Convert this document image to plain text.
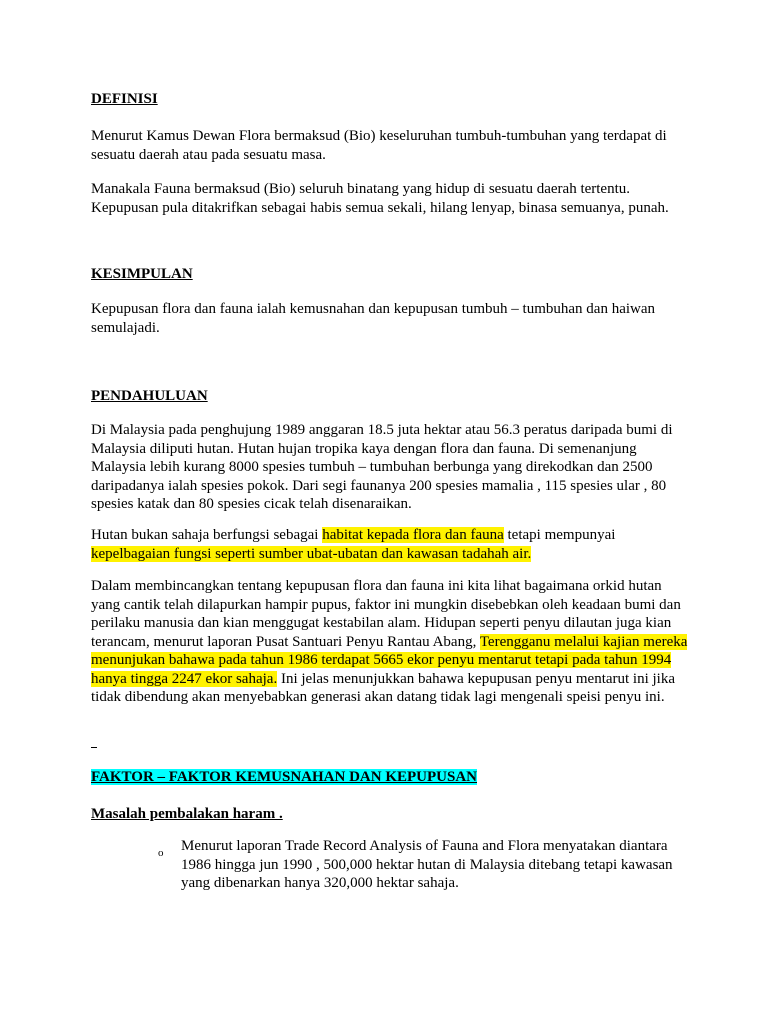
DEFINISI

Menurut Kamus Dewan Flora bermaksud (Bio) keseluruhan tumbuh-tumbuhan yang terdapat di sesuatu daerah atau pada sesuatu masa.

Manakala Fauna bermaksud (Bio) seluruh binatang yang hidup di sesuatu daerah tertentu. Kepupusan pula ditakrifkan sebagai habis semua sekali, hilang lenyap, binasa semuanya, punah.

KESIMPULAN

Kepupusan flora dan fauna ialah kemusnahan dan kepupusan tumbuh – tumbuhan dan haiwan semulajadi.

PENDAHULUAN

Di Malaysia pada penghujung 1989 anggaran 18.5 juta hektar atau 56.3 peratus daripada bumi di Malaysia diliputi hutan. Hutan hujan tropika kaya dengan flora dan fauna. Di semenanjung Malaysia lebih kurang 8000 spesies tumbuh – tumbuhan berbunga yang direkodkan dan 2500 daripadanya ialah spesies pokok. Dari segi faunanya 200 spesies mamalia , 115 spesies ular , 80 spesies katak dan 80 spesies cicak telah disenaraikan.

Hutan bukan sahaja berfungsi sebagai habitat kepada flora dan fauna tetapi mempunyai kepelbagaian fungsi seperti sumber ubat-ubatan dan kawasan tadahah air.

Dalam membincangkan tentang kepupusan flora dan fauna ini kita lihat bagaimana orkid hutan yang cantik telah dilapurkan hampir pupus, faktor ini mungkin disebebkan oleh keadaan bumi dan perilaku manusia dan kian menggugat kestabilan alam. Hidupan seperti penyu dilautan juga kian terancam, menurut laporan Pusat Santuari Penyu Rantau Abang, Terengganu melalui kajian mereka menunjukan bahawa pada tahun 1986 terdapat 5665 ekor penyu mentarut tetapi pada tahun 1994 hanya tingga 2247 ekor sahaja. Ini jelas menunjukkan bahawa kepupusan penyu mentarut ini jika tidak dibendung akan menyebabkan generasi akan datang tidak lagi mengenali speisi penyu ini.

FAKTOR – FAKTOR KEMUSNAHAN DAN KEPUPUSAN

Masalah pembalakan haram .

o Menurut laporan Trade Record Analysis of Fauna and Flora menyatakan diantara 1986 hingga jun 1990 , 500,000 hektar hutan di Malaysia ditebang tetapi kawasan yang dibenarkan hanya 320,000 hektar sahaja.
